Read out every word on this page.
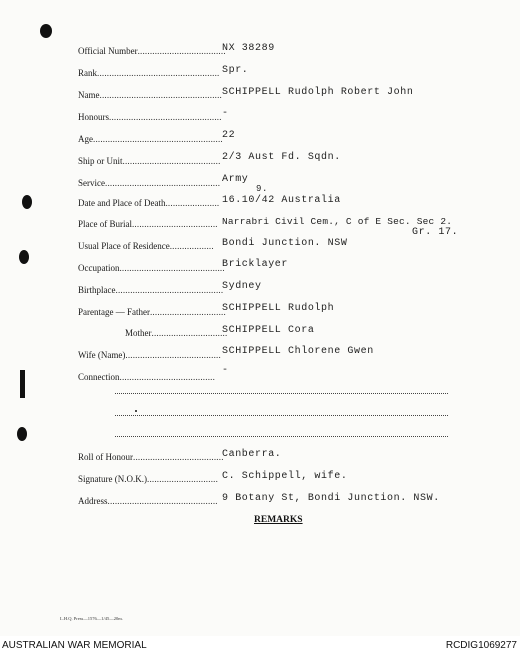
Official Number....................................
NX 38289
Rank.................................................. Spr.
Name.................................................. SCHIPPELL Rudolph Robert John
Honours.............................................. -
Age..................................................... 22
Ship or Unit........................................ 2/3 Aust Fd. Sqdn.
Service............................................... Army
9.
Date and Place of Death...................... 16.10/42 Australia
Place of Burial................................... Narrabri Civil Cem., C of E Sec. Sec 2.
Gr. 17.
Usual Place of Residence.................. Bondi Junction. NSW
Occupation...........................................
Bricklayer
Birthplace............................................
Sydney
Parentage — Father...............................
SCHIPPELL Rudolph
Mother...............................
SCHIPPELL Cora
Wife (Name)....................................... SCHIPPELL Chlorene Gwen
Connection.......................................
-
Roll of Honour.....................................
Canberra.
Signature (N.O.K.)............................. C. Schippell, wife.
Address............................................. 9 Botany St, Bondi Junction. NSW.
REMARKS
L.H.Q. Press—1576—1/45—20m.
AUSTRALIAN WAR MEMORIAL	RCDIG1069277
